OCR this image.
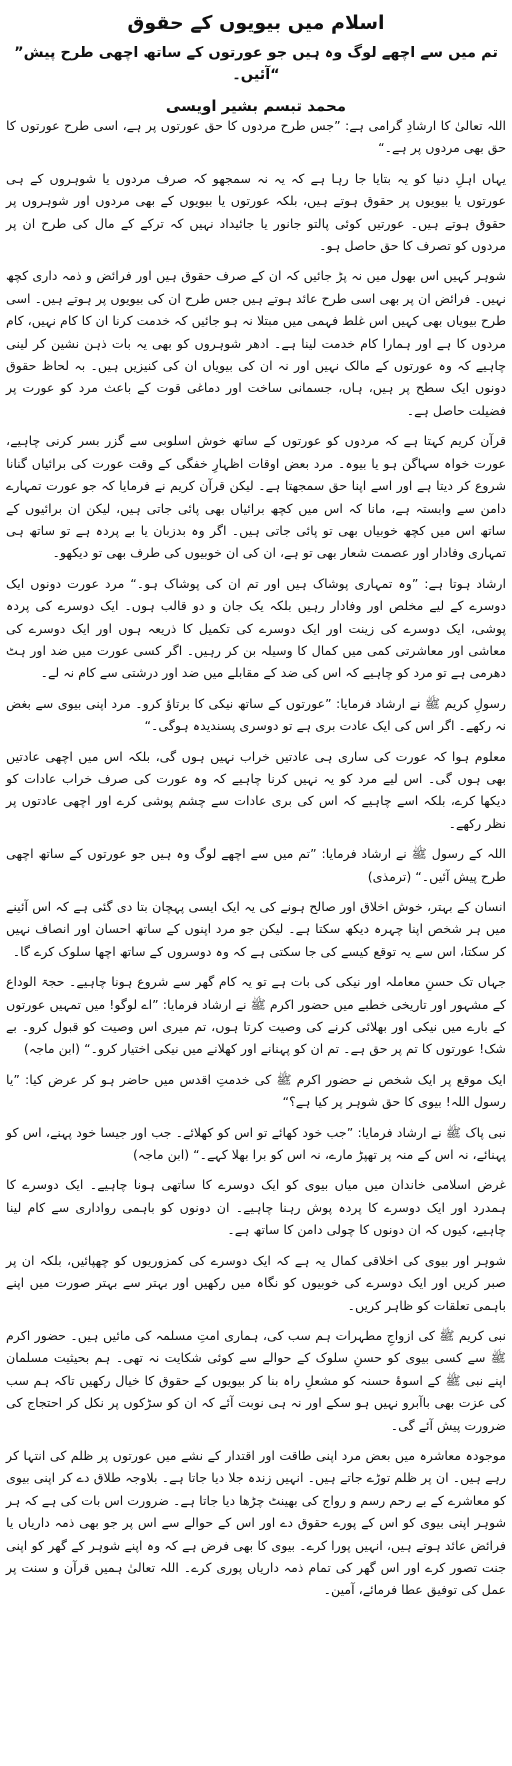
اسلام میں بیویوں کے حقوق

”تم میں سے اچھے لوگ وہ ہیں جو عورتوں کے ساتھ اچھی طرح پیش آئیں۔“

محمد تبسم بشیر اویسی

اللہ تعالیٰ کا ارشادِ گرامی ہے: ”جس طرح مردوں کا حق عورتوں پر ہے، اسی طرح عورتوں کا حق بھی مردوں پر ہے۔“

یہاں اہلِ دنیا کو یہ بتایا جا رہا ہے کہ یہ نہ سمجھو کہ صرف مردوں یا شوہروں کے ہی عورتوں یا بیویوں پر حقوق ہوتے ہیں، بلکہ عورتوں یا بیویوں کے بھی مردوں اور شوہروں پر حقوق ہوتے ہیں۔ عورتیں کوئی پالتو جانور یا جائیداد نہیں کہ ترکے کے مال کی طرح ان پر مردوں کو تصرف کا حق حاصل ہو۔

شوہر کہیں اس بھول میں نہ پڑ جائیں کہ ان کے صرف حقوق ہیں اور فرائض و ذمہ داری کچھ نہیں۔ فرائض ان پر بھی اسی طرح عائد ہوتے ہیں جس طرح ان کی بیویوں پر ہوتے ہیں۔ اسی طرح بیویاں بھی کہیں اس غلط فہمی میں مبتلا نہ ہو جائیں کہ خدمت کرنا ان کا کام نہیں، کام مردوں کا ہے اور ہمارا کام خدمت لینا ہے۔ ادھر شوہروں کو بھی یہ بات ذہن نشین کر لینی چاہیے کہ وہ عورتوں کے مالک نہیں اور نہ ان کی بیویاں ان کی کنیزیں ہیں۔ بہ لحاظ حقوق دونوں ایک سطح پر ہیں، ہاں، جسمانی ساخت اور دماغی قوت کے باعث مرد کو عورت پر فضیلت حاصل ہے۔

قرآن کریم کہتا ہے کہ مردوں کو عورتوں کے ساتھ خوش اسلوبی سے گزر بسر کرنی چاہیے، عورت خواہ سہاگن ہو یا بیوہ۔ مرد بعض اوقات اظہارِ خفگی کے وقت عورت کی برائیاں گنانا شروع کر دیتا ہے اور اسے اپنا حق سمجھتا ہے۔ لیکن قرآن کریم نے فرمایا کہ جو عورت تمہارے دامن سے وابستہ ہے، مانا کہ اس میں کچھ برائیاں بھی پائی جاتی ہیں، لیکن ان برائیوں کے ساتھ اس میں کچھ خوبیاں بھی تو پائی جاتی ہیں۔ اگر وہ بدزبان یا بے پردہ ہے تو ساتھ ہی تمہاری وفادار اور عصمت شعار بھی تو ہے، ان کی ان خوبیوں کی طرف بھی تو دیکھو۔

ارشاد ہوتا ہے: ”وہ تمہاری پوشاک ہیں اور تم ان کی پوشاک ہو۔“ مرد عورت دونوں ایک دوسرے کے لیے مخلص اور وفادار رہیں بلکہ یک جان و دو قالب ہوں۔ ایک دوسرے کی پردہ پوشی، ایک دوسرے کی زینت اور ایک دوسرے کی تکمیل کا ذریعہ ہوں اور ایک دوسرے کی معاشی اور معاشرتی کمی میں کمال کا وسیلہ بن کر رہیں۔ اگر کسی عورت میں ضد اور ہٹ دھرمی ہے تو مرد کو چاہیے کہ اس کی ضد کے مقابلے میں ضد اور درشتی سے کام نہ لے۔

رسولِ کریم ﷺ نے ارشاد فرمایا: ”عورتوں کے ساتھ نیکی کا برتاؤ کرو۔ مرد اپنی بیوی سے بغض نہ رکھے۔ اگر اس کی ایک عادت بری ہے تو دوسری پسندیدہ ہوگی۔“

معلوم ہوا کہ عورت کی ساری ہی عادتیں خراب نہیں ہوں گی، بلکہ اس میں اچھی عادتیں بھی ہوں گی۔ اس لیے مرد کو یہ نہیں کرنا چاہیے کہ وہ عورت کی صرف خراب عادات کو دیکھا کرے، بلکہ اسے چاہیے کہ اس کی بری عادات سے چشم پوشی کرے اور اچھی عادتوں پر نظر رکھے۔

اللہ کے رسول ﷺ نے ارشاد فرمایا: ”تم میں سے اچھے لوگ وہ ہیں جو عورتوں کے ساتھ اچھی طرح پیش آئیں۔“ (ترمذی)

انسان کے بہتر، خوش اخلاق اور صالح ہونے کی یہ ایک ایسی پہچان بتا دی گئی ہے کہ اس آئینے میں ہر شخص اپنا چہرہ دیکھ سکتا ہے۔ لیکن جو مرد اپنوں کے ساتھ احسان اور انصاف نہیں کر سکتا، اس سے یہ توقع کیسے کی جا سکتی ہے کہ وہ دوسروں کے ساتھ اچھا سلوک کرے گا۔

جہاں تک حسنِ معاملہ اور نیکی کی بات ہے تو یہ کام گھر سے شروع ہونا چاہیے۔ حجۃ الوداع کے مشہور اور تاریخی خطبے میں حضور اکرم ﷺ نے ارشاد فرمایا: ”اے لوگو! میں تمہیں عورتوں کے بارے میں نیکی اور بھلائی کرنے کی وصیت کرتا ہوں، تم میری اس وصیت کو قبول کرو۔ بے شک! عورتوں کا تم پر حق ہے۔ تم ان کو پہنانے اور کھلانے میں نیکی اختیار کرو۔“ (ابن ماجہ)

ایک موقع پر ایک شخص نے حضور اکرم ﷺ کی خدمتِ اقدس میں حاضر ہو کر عرض کیا: ”یا رسول اللہ! بیوی کا حق شوہر پر کیا ہے؟“

نبی پاک ﷺ نے ارشاد فرمایا: ”جب خود کھائے تو اس کو کھلائے۔ جب اور جیسا خود پہنے، اس کو پہنائے، نہ اس کے منہ پر تھپڑ مارے، نہ اس کو برا بھلا کہے۔“ (ابن ماجہ)

غرض اسلامی خاندان میں میاں بیوی کو ایک دوسرے کا ساتھی ہونا چاہیے۔ ایک دوسرے کا ہمدرد اور ایک دوسرے کا پردہ پوش رہنا چاہیے۔ ان دونوں کو باہمی رواداری سے کام لینا چاہیے، کیوں کہ ان دونوں کا چولی دامن کا ساتھ ہے۔

شوہر اور بیوی کی اخلاقی کمال یہ ہے کہ ایک دوسرے کی کمزوریوں کو چھپائیں، بلکہ ان پر صبر کریں اور ایک دوسرے کی خوبیوں کو نگاہ میں رکھیں اور بہتر سے بہتر صورت میں اپنے باہمی تعلقات کو ظاہر کریں۔

نبی کریم ﷺ کی ازواجِ مطہرات ہم سب کی، ہماری امتِ مسلمہ کی مائیں ہیں۔ حضور اکرم ﷺ سے کسی بیوی کو حسنِ سلوک کے حوالے سے کوئی شکایت نہ تھی۔ ہم بحیثیت مسلمان اپنے نبی ﷺ کے اسوۂ حسنہ کو مشعلِ راہ بنا کر بیویوں کے حقوق کا خیال رکھیں تاکہ ہم سب کی عزت بھی باآبرو نہیں ہو سکے اور نہ ہی نوبت آئے کہ ان کو سڑکوں پر نکل کر احتجاج کی ضرورت پیش آئے گی۔

موجودہ معاشرہ میں بعض مرد اپنی طاقت اور اقتدار کے نشے میں عورتوں پر ظلم کی انتہا کر رہے ہیں۔ ان پر ظلم توڑے جاتے ہیں۔ انہیں زندہ جلا دیا جاتا ہے۔ بلاوجہ طلاق دے کر اپنی بیوی کو معاشرے کے بے رحم رسم و رواج کی بھینٹ چڑھا دیا جاتا ہے۔ ضرورت اس بات کی ہے کہ ہر شوہر اپنی بیوی کو اس کے پورے حقوق دے اور اس کے حوالے سے اس پر جو بھی ذمہ داریاں یا فرائض عائد ہوتے ہیں، انہیں پورا کرے۔ بیوی کا بھی فرض ہے کہ وہ اپنے شوہر کے گھر کو اپنی جنت تصور کرے اور اس گھر کی تمام ذمہ داریاں پوری کرے۔ اللہ تعالیٰ ہمیں قرآن و سنت پر عمل کی توفیق عطا فرمائے، آمین۔
